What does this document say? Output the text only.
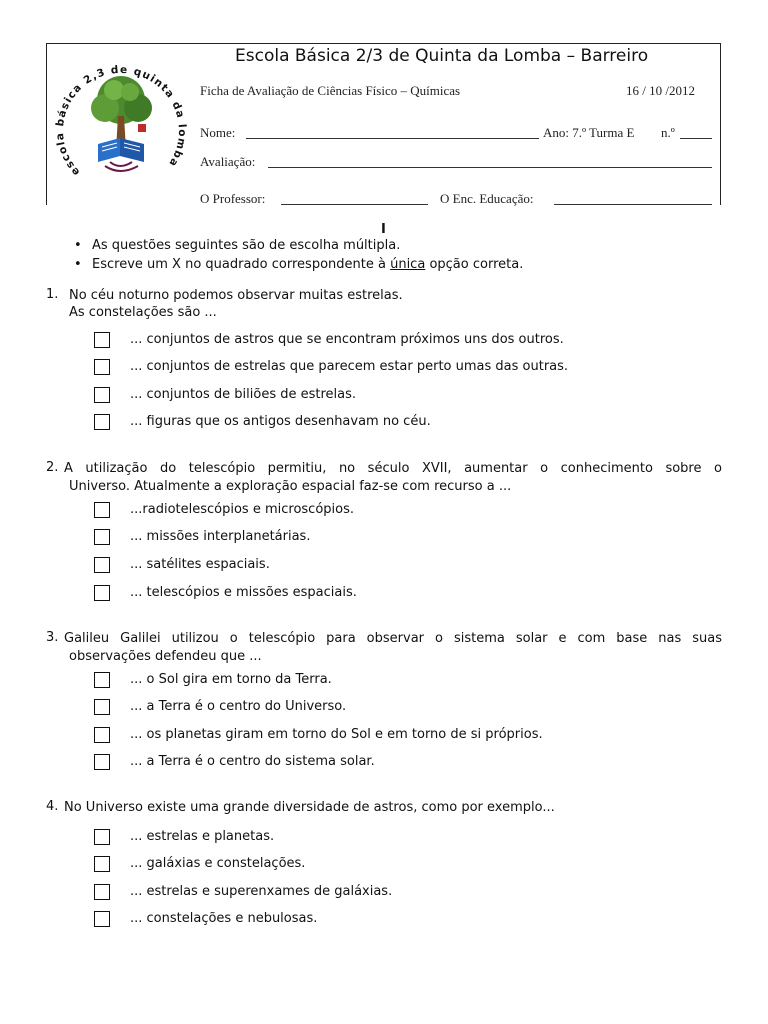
escola básica 2,3 de quinta da lomba
Escola Básica 2/3 de Quinta da Lomba – Barreiro
Ficha de Avaliação de Ciências Físico – Químicas	16 / 10 /2012
Nome:	Ano: 7.º Turma E n.º
Avaliação:
O Professor:	O Enc. Educação:
I
• As questões seguintes são de escolha múltipla.
• Escreve um X no quadrado correspondente à única opção correta.
1. No céu noturno podemos observar muitas estrelas.
As constelações são ...
... conjuntos de astros que se encontram próximos uns dos outros.
... conjuntos de estrelas que parecem estar perto umas das outras.
... conjuntos de biliões de estrelas.
... figuras que os antigos desenhavam no céu.
2. A utilização do telescópio permitiu, no século XVII, aumentar o conhecimento sobre o
Universo. Atualmente a exploração espacial faz-se com recurso a ...
...radiotelescópios e microscópios.
... missões interplanetárias.
... satélites espaciais.
... telescópios e missões espaciais.
3. Galileu Galilei utilizou o telescópio para observar o sistema solar e com base nas suas
observações defendeu que ...
... o Sol gira em torno da Terra.
... a Terra é o centro do Universo.
... os planetas giram em torno do Sol e em torno de si próprios.
... a Terra é o centro do sistema solar.
4. No Universo existe uma grande diversidade de astros, como por exemplo...
... estrelas e planetas.
... galáxias e constelações.
... estrelas e superenxames de galáxias.
... constelações e nebulosas.
